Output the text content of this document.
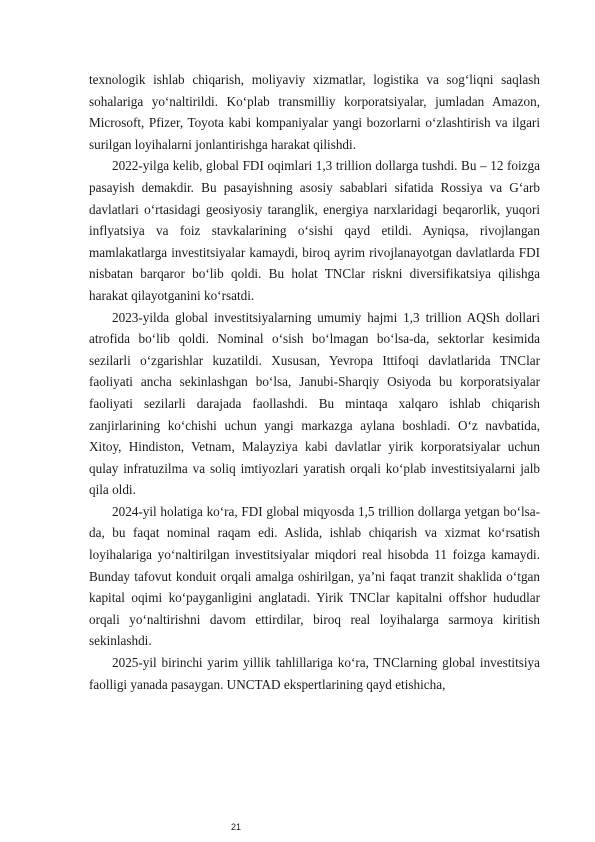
texnologik ishlab chiqarish, moliyaviy xizmatlar, logistika va sog‘liqni saqlash sohalariga yo‘naltirildi. Ko‘plab transmilliy korporatsiyalar, jumladan Amazon, Microsoft, Pfizer, Toyota kabi kompaniyalar yangi bozorlarni o‘zlashtirish va ilgari surilgan loyihalarni jonlantirishga harakat qilishdi.

2022-yilga kelib, global FDI oqimlari 1,3 trillion dollarga tushdi. Bu – 12 foizga pasayish demakdir. Bu pasayishning asosiy sabablari sifatida Rossiya va G‘arb davlatlari o‘rtasidagi geosiyosiy taranglik, energiya narxlaridagi beqarorlik, yuqori inflyatsiya va foiz stavkalarining o‘sishi qayd etildi. Ayniqsa, rivojlangan mamlakatlarga investitsiyalar kamaydi, biroq ayrim rivojlanayotgan davlatlarda FDI nisbatan barqaror bo‘lib qoldi. Bu holat TNClar riskni diversifikatsiya qilishga harakat qilayotganini ko‘rsatdi.

2023-yilda global investitsiyalarning umumiy hajmi 1,3 trillion AQSh dollari atrofida bo‘lib qoldi. Nominal o‘sish bo‘lmagan bo‘lsa-da, sektorlar kesimida sezilarli o‘zgarishlar kuzatildi. Xususan, Yevropa Ittifoqi davlatlarida TNClar faoliyati ancha sekinlashgan bo‘lsa, Janubi-Sharqiy Osiyoda bu korporatsiyalar faoliyati sezilarli darajada faollashdi. Bu mintaqa xalqaro ishlab chiqarish zanjirlarining ko‘chishi uchun yangi markazga aylana boshladi. O‘z navbatida, Xitoy, Hindiston, Vetnam, Malayziya kabi davlatlar yirik korporatsiyalar uchun qulay infratuzilma va soliq imtiyozlari yaratish orqali ko‘plab investitsiyalarni jalb qila oldi.

2024-yil holatiga ko‘ra, FDI global miqyosda 1,5 trillion dollarga yetgan bo‘lsa-da, bu faqat nominal raqam edi. Aslida, ishlab chiqarish va xizmat ko‘rsatish loyihalariga yo‘naltirilgan investitsiyalar miqdori real hisobda 11 foizga kamaydi. Bunday tafovut konduit orqali amalga oshirilgan, ya’ni faqat tranzit shaklida o‘tgan kapital oqimi ko‘payganligini anglatadi. Yirik TNClar kapitalni offshor hududlar orqali yo‘naltirishni davom ettirdilar, biroq real loyihalarga sarmoya kiritish sekinlashdi.

2025-yil birinchi yarim yillik tahlillariga ko‘ra, TNClarning global investitsiya faolligi yanada pasaygan. UNCTAD ekspertlarining qayd etishicha,

21
